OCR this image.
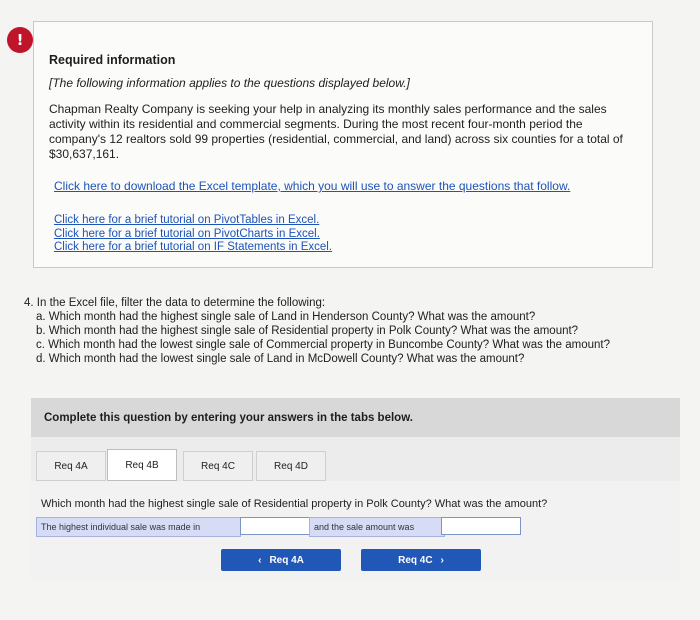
!
Required information
[The following information applies to the questions displayed below.]
Chapman Realty Company is seeking your help in analyzing its monthly sales performance and the sales activity within its residential and commercial segments. During the most recent four-month period the company's 12 realtors sold 99 properties (residential, commercial, and land) across six counties for a total of $30,637,161.
Click here to download the Excel template, which you will use to answer the questions that follow.
Click here for a brief tutorial on PivotTables in Excel.
Click here for a brief tutorial on PivotCharts in Excel.
Click here for a brief tutorial on IF Statements in Excel.
4. In the Excel file, filter the data to determine the following:
a. Which month had the highest single sale of Land in Henderson County? What was the amount?
b. Which month had the highest single sale of Residential property in Polk County? What was the amount?
c. Which month had the lowest single sale of Commercial property in Buncombe County? What was the amount?
d. Which month had the lowest single sale of Land in McDowell County? What was the amount?
Complete this question by entering your answers in the tabs below.
Req 4A	Req 4B	Req 4C	Req 4D
Which month had the highest single sale of Residential property in Polk County? What was the amount?
The highest individual sale was made in	and the sale amount was
‹ Req 4A	Req 4C ›
